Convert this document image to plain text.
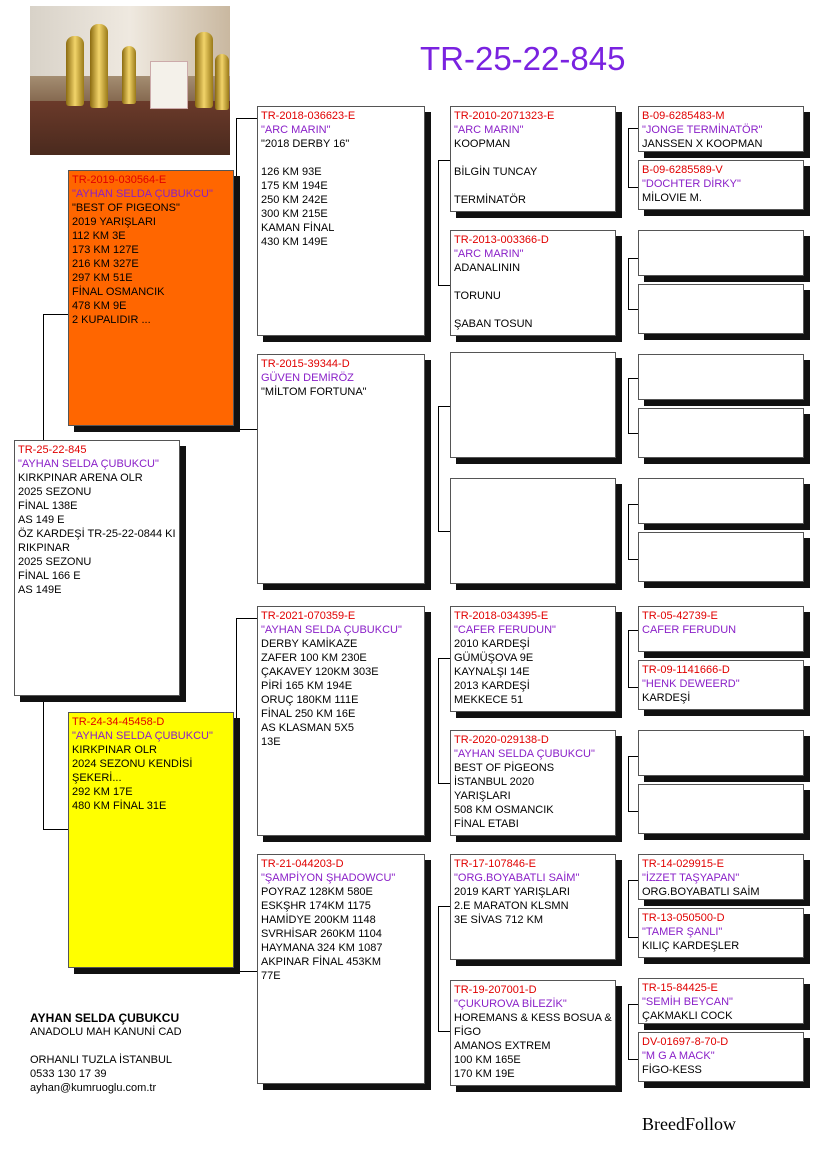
TR-25-22-845
TR-25-22-845
"AYHAN SELDA ÇUBUKCU"
KIRKPINAR ARENA OLR
2025 SEZONU
FİNAL 138E
AS 149 E
ÖZ KARDEŞİ TR-25-22-0844 KI
RIKPINAR
2025 SEZONU
FİNAL 166 E
AS 149E
TR-2019-030564-E
"AYHAN SELDA ÇUBUKCU"
"BEST OF PIGEONS"
2019 YARIŞLARI
112 KM 3E
173 KM 127E
216 KM 327E
297 KM 51E
FİNAL OSMANCIK
478 KM 9E
2 KUPALIDIR ...
TR-24-34-45458-D
"AYHAN SELDA ÇUBUKCU"
KIRKPINAR OLR
2024 SEZONU KENDİSİ
ŞEKERİ...
292 KM 17E
480 KM FİNAL 31E
TR-2018-036623-E
"ARC MARIN"
"2018 DERBY 16"

126 KM 93E
175 KM 194E
250 KM 242E
300 KM 215E
KAMAN FİNAL
430 KM 149E
TR-2015-39344-D
GÜVEN DEMİRÖZ
"MİLTOM FORTUNA"
TR-2021-070359-E
"AYHAN SELDA ÇUBUKCU"
DERBY KAMİKAZE
ZAFER 100 KM 230E
ÇAKAVEY 120KM 303E
PİRİ 165 KM 194E
ORUÇ 180KM 111E
FİNAL 250 KM 16E
AS KLASMAN 5X5
13E
TR-21-044203-D
"ŞAMPİYON ŞHADOWCU"
POYRAZ 128KM 580E
ESKŞHR 174KM 1175
HAMİDYE 200KM 1148
SVRHİSAR 260KM 1104
HAYMANA 324 KM 1087
AKPINAR FİNAL 453KM
77E
TR-2010-2071323-E
"ARC MARIN"
KOOPMAN

BİLGİN TUNCAY

TERMİNATÖR
TR-2013-003366-D
"ARC MARIN"
ADANALININ

TORUNU

ŞABAN TOSUN
TR-2018-034395-E
"CAFER FERUDUN"
2010 KARDEŞİ
GÜMÜŞOVA 9E
KAYNALŞI 14E
2013 KARDEŞİ
MEKKECE 51
TR-2020-029138-D
"AYHAN SELDA ÇUBUKCU"
BEST OF PİGEONS
İSTANBUL 2020
YARIŞLARI
508 KM OSMANCIK
FİNAL ETABI
TR-17-107846-E
"ORG.BOYABATLI SAİM"
2019 KART YARIŞLARI
2.E MARATON KLSMN
3E SİVAS 712 KM
TR-19-207001-D
"ÇUKUROVA BİLEZİK"
HOREMANS & KESS BOSUA &
FİGO
AMANOS EXTREM
100 KM 165E
170 KM 19E
B-09-6285483-M
"JONGE TERMİNATÖR"
JANSSEN X KOOPMAN
B-09-6285589-V
"DOCHTER DİRKY"
MİLOVIE M.
TR-05-42739-E
CAFER FERUDUN
TR-09-1141666-D
"HENK DEWEERD"
KARDEŞİ
TR-14-029915-E
"İZZET TAŞYAPAN"
ORG.BOYABATLI SAİM
TR-13-050500-D
"TAMER ŞANLI"
KILIÇ KARDEŞLER
TR-15-84425-E
"SEMİH BEYCAN"
ÇAKMAKLI COCK
DV-01697-8-70-D
"M G A MACK"
FİGO-KESS
AYHAN SELDA ÇUBUKCU
ANADOLU MAH KANUNİ CAD
ORHANLI TUZLA İSTANBUL
0533 130 17 39
ayhan@kumruoglu.com.tr
BreedFollow
